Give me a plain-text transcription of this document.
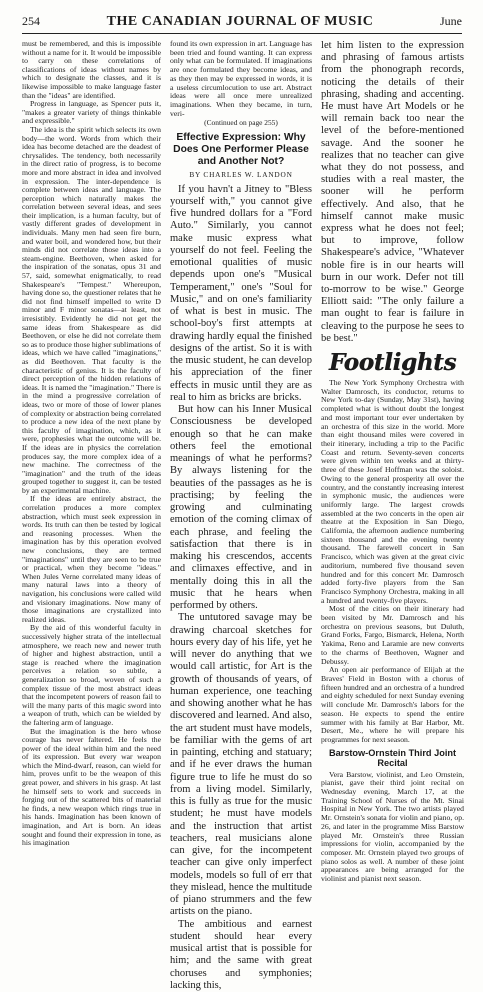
254	THE CANADIAN JOURNAL OF MUSIC	June

must be remembered, and this is impossible without a name for it. It would be impossible to carry on these correlations of classifications of ideas without names by which to designate the classes, and it is likewise impossible to make language faster than the "ideas" are identified.

Progress in language, as Spencer puts it, "makes a greater variety of things thinkable and expressible."

The idea is the spirit which selects its own body—the word. Words from which their idea has become detached are the deadest of chrysalides. The tendency, both necessarily in the direct ratio of progress, is to become more and more abstract in idea and involved in expression. The inter-dependence is complete between ideas and language. The perception which naturally makes the correlation between several ideas, and sees their implication, is a human faculty, but of vastly different grades of development in individuals. Many men had seen fire burn, and water boil, and wondered how, but their minds did not correlate those ideas into a steam-engine. Beethoven, when asked for the inspiration of the sonatas, opus 31 and 57, said, somewhat enigmatically, to read Shakespeare's "Tempest." Whereupon, having done so, the questioner relates that he did not find himself impelled to write D minor and F minor sonatas—at least, not irresistibly. Evidently he did not get the same ideas from Shakespeare as did Beethoven, or else he did not correlate them so as to produce those higher sublimations of ideas, which we have called "imaginations," as did Beethoven. That faculty is the characteristic of genius. It is the faculty of direct perception of the hidden relations of ideas. It is named the "imagination." There is in the mind a progressive correlation of ideas, two or more of those of lower planes of complexity or abstraction being correlated to produce a new idea of the next plane by this faculty of imagination, which, as it were, prophesies what the outcome will be. If the ideas are in physics the correlation produces say, the more complex idea of a new machine. The correctness of the "imagination" and the truth of the ideas grouped together to suggest it, can be tested by an experimental machine.

If the ideas are entirely abstract, the correlation produces a more complex abstraction, which must seek expression in words. Its truth can then be tested by logical and reasoning processes. When the imagination has by this operation evolved new conclusions, they are termed "imaginations" until they are seen to be true or practical, when they become "ideas." When Jules Verne correlated many ideas of many natural laws into a theory of navigation, his conclusions were called wild and visionary imaginations. Now many of those imaginations are crystallized into realized ideas.

By the aid of this wonderful faculty in successively higher strata of the intellectual atmosphere, we reach new and newer truth of higher and highest abstraction, until a stage is reached where the imagination perceives a relation so subtle, a generalization so broad, woven of such a complex tissue of the most abstract ideas that the incompetent powers of reason fail to will the many parts of this magic sword into a weapon of truth, which can be wielded by the faltering arm of language.

But the imagination is the hero whose courage has never faltered. He feels the power of the ideal within him and the need of its expression. But every war weapon which the Mind-dwarf, reason, can wield for him, proves unfit to be the weapon of this great power, and shivers in his grasp. At last he himself sets to work and succeeds in forging out of the scattered bits of material he finds, a new weapon which rings true in his hands. Imagination has been known of imagination, and Art is born. An ideas sought and found their expression in tone, as his imagination

found its own expression in art. Language has been tried and found wanting. It can express only what can be formulated. If imaginations are once formulated they become ideas, and as they then may be expressed in words, it is a useless circumlocution to use art. Abstract ideas were all once mere unrealized imaginations. When they became, in turn, veri-

(Continued on page 255)

Effective Expression: Why Does One Performer Please and Another Not?

BY CHARLES W. LANDON

If you havn't a Jitney to "Bless yourself with," you cannot give five hundred dollars for a "Ford Auto." Similarly, you cannot make music express what yourself do not feel. Feeling the emotional qualities of music depends upon one's "Musical Temperament," one's "Soul for Music," and on one's familiarity of what is best in music. The school-boy's first attempts at drawing hardly equal the finished designs of the artist. So it is with the music student, he can develop his appreciation of the finer effects in music until they are as real to him as bricks are bricks.

But how can his Inner Musical Consciousness be developed enough so that he can make others feel the emotional meanings of what he performs? By always listening for the beauties of the passages as he is practising; by feeling the growing and culminating emotion of the coming climax of each phrase, and feeling the satisfaction that there is in making his crescendos, accents and climaxes effective, and in mentally doing this in all the music that he hears when performed by others.

The untutored savage may be drawing charcoal sketches for hours every day of his life, yet he will never do anything that we would call artistic, for Art is the growth of thousands of years, of human experience, one teaching and showing another what he has discovered and learned. And also, the art student must have models, be familiar with the gems of art in painting, etching and statuary; and if he ever draws the human figure true to life he must do so from a living model. Similarly, this is fully as true for the music student; he must have models and the instruction that artist teachers, real musicians alone can give, for the incompetent teacher can give only imperfect models, models so full of err that they mislead, hence the multitude of piano strummers and the few artists on the piano.

The ambitious and earnest student should hear every musical artist that is possible for him; and the same with great choruses and symphonies; lacking this,

let him listen to the expression and phrasing of famous artists from the phonograph records, noticing the details of their phrasing, shading and accenting. He must have Art Models or he will remain back too near the level of the before-mentioned savage. And the sooner he realizes that no teacher can give what they do not possess, and studies with a real master, the sooner will he perform effectively. And also, that he himself cannot make music express what he does not feel; but to improve, follow Shakespeare's advice, "Whatever noble fire is in our hearts will burn in our work. Defer not till to-morrow to be wise." George Elliott said: "The only failure a man ought to fear is failure in cleaving to the purpose he sees to be best."

Footlights

The New York Symphony Orchestra with Walter Damrosch, its conductor, returns to New York to-day (Sunday, May 31st), having completed what is without doubt the longest and most important tour ever undertaken by an orchestra of this size in the world. More than eight thousand miles were covered in their itinerary, including a trip to the Pacific Coast and return. Seventy-seven concerts were given within ten weeks and at thirty-three of these Josef Hoffman was the soloist. Owing to the general prosperity all over the country, and the constantly increasing interest in symphonic music, the audiences were uniformly large. The largest crowds assembled at the two concerts in the open air theatre at the Exposition in San Diego, California, the afternoon audience numbering sixteen thousand and the evening twenty thousand. The farewell concert in San Francisco, which was given at the great civic auditorium, numbered five thousand seven hundred and for this concert Mr. Damrosch added forty-five players from the San Francisco Symphony Orchestra, making in all a hundred and twenty-five players.

Most of the cities on their itinerary had been visited by Mr. Damrosch and his orchestra on previous seasons, but Duluth, Grand Forks, Fargo, Bismarck, Helena, North Yakima, Reno and Laramie are new converts to the charms of Beethoven, Wagner and Debussy.

An open air performance of Elijah at the Braves' Field in Boston with a chorus of fifteen hundred and an orchestra of a hundred and eighty scheduled for next Sunday evening will conclude Mr. Damrosch's labors for the season. He expects to spend the entire summer with his family at Bar Harbor, Mt. Desert, Me., where he will prepare his programmes for next season.

Barstow-Ornstein Third Joint Recital

Vera Barstow, violinist, and Leo Ornstein, pianist, gave their third joint recital on Wednesday evening, March 17, at the Training School of Nurses of the Mt. Sinai Hospital in New York. The two artists played Mr. Ornstein's sonata for violin and piano, op. 26, and later in the programme Miss Barstow played Mr. Ornstein's three Russian impressions for violin, accompanied by the composer. Mr. Ornstein played two groups of piano solos as well. A number of these joint appearances are being arranged for the violinist and pianist next season.
